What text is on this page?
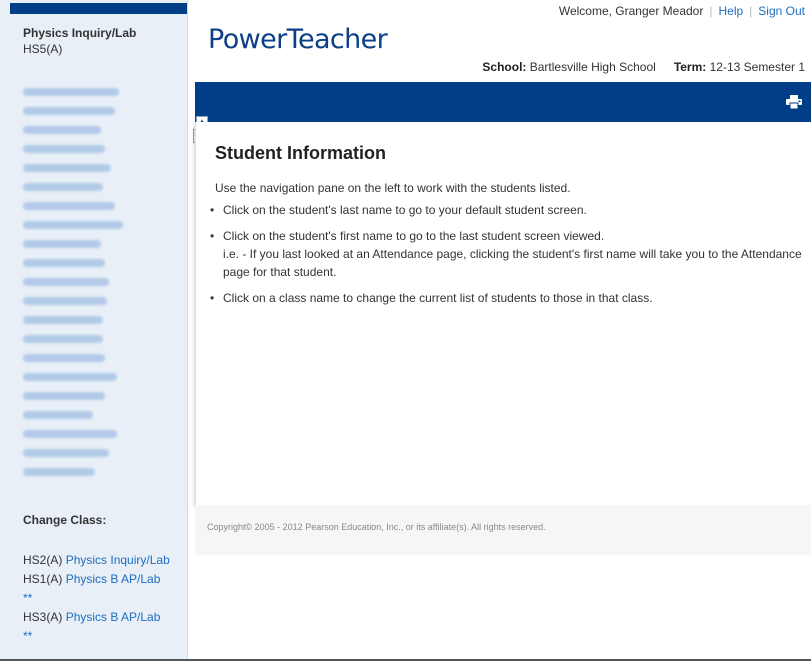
Physics Inquiry/Lab
HS5(A)
Change Class:
HS2(A) Physics Inquiry/Lab
HS1(A) Physics B AP/Lab **
HS3(A) Physics B AP/Lab **
Welcome, Granger Meador | Help | Sign Out
PowerTeacher
School: Bartlesville High School Term: 12-13 Semester 1
Student Information
Use the navigation pane on the left to work with the students listed.
• Click on the student's last name to go to your default student screen.
• Click on the student's first name to go to the last student screen viewed.
i.e. - If you last looked at an Attendance page, clicking the student's first name will take you to the Attendance page for that student.
• Click on a class name to change the current list of students to those in that class.
Copyright© 2005 - 2012 Pearson Education, Inc., or its affiliate(s). All rights reserved.
